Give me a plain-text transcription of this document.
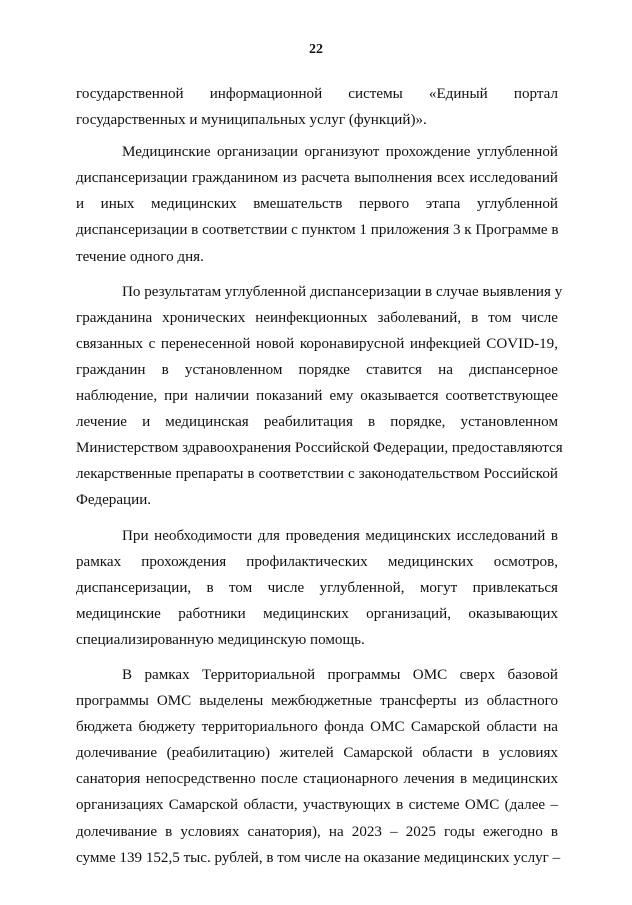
22
государственной информационной системы «Единый портал
государственных и муниципальных услуг (функций)».
Медицинские организации организуют прохождение углубленной
диспансеризации гражданином из расчета выполнения всех исследований
и иных медицинских вмешательств первого этапа углубленной
диспансеризации в соответствии с пунктом 1 приложения 3 к Программе в
течение одного дня.
По результатам углубленной диспансеризации в случае выявления у
гражданина хронических неинфекционных заболеваний, в том числе
связанных с перенесенной новой коронавирусной инфекцией COVID-19,
гражданин в установленном порядке ставится на диспансерное
наблюдение, при наличии показаний ему оказывается соответствующее
лечение и медицинская реабилитация в порядке, установленном
Министерством здравоохранения Российской Федерации, предоставляются
лекарственные препараты в соответствии с законодательством Российской
Федерации.
При необходимости для проведения медицинских исследований в
рамках прохождения профилактических медицинских осмотров,
диспансеризации, в том числе углубленной, могут привлекаться
медицинские работники медицинских организаций, оказывающих
специализированную медицинскую помощь.
В рамках Территориальной программы ОМС сверх базовой
программы ОМС выделены межбюджетные трансферты из областного
бюджета бюджету территориального фонда ОМС Самарской области на
долечивание (реабилитацию) жителей Самарской области в условиях
санатория непосредственно после стационарного лечения в медицинских
организациях Самарской области, участвующих в системе ОМС (далее –
долечивание в условиях санатория), на 2023 – 2025 годы ежегодно в
сумме 139 152,5 тыс. рублей, в том числе на оказание медицинских услуг –
